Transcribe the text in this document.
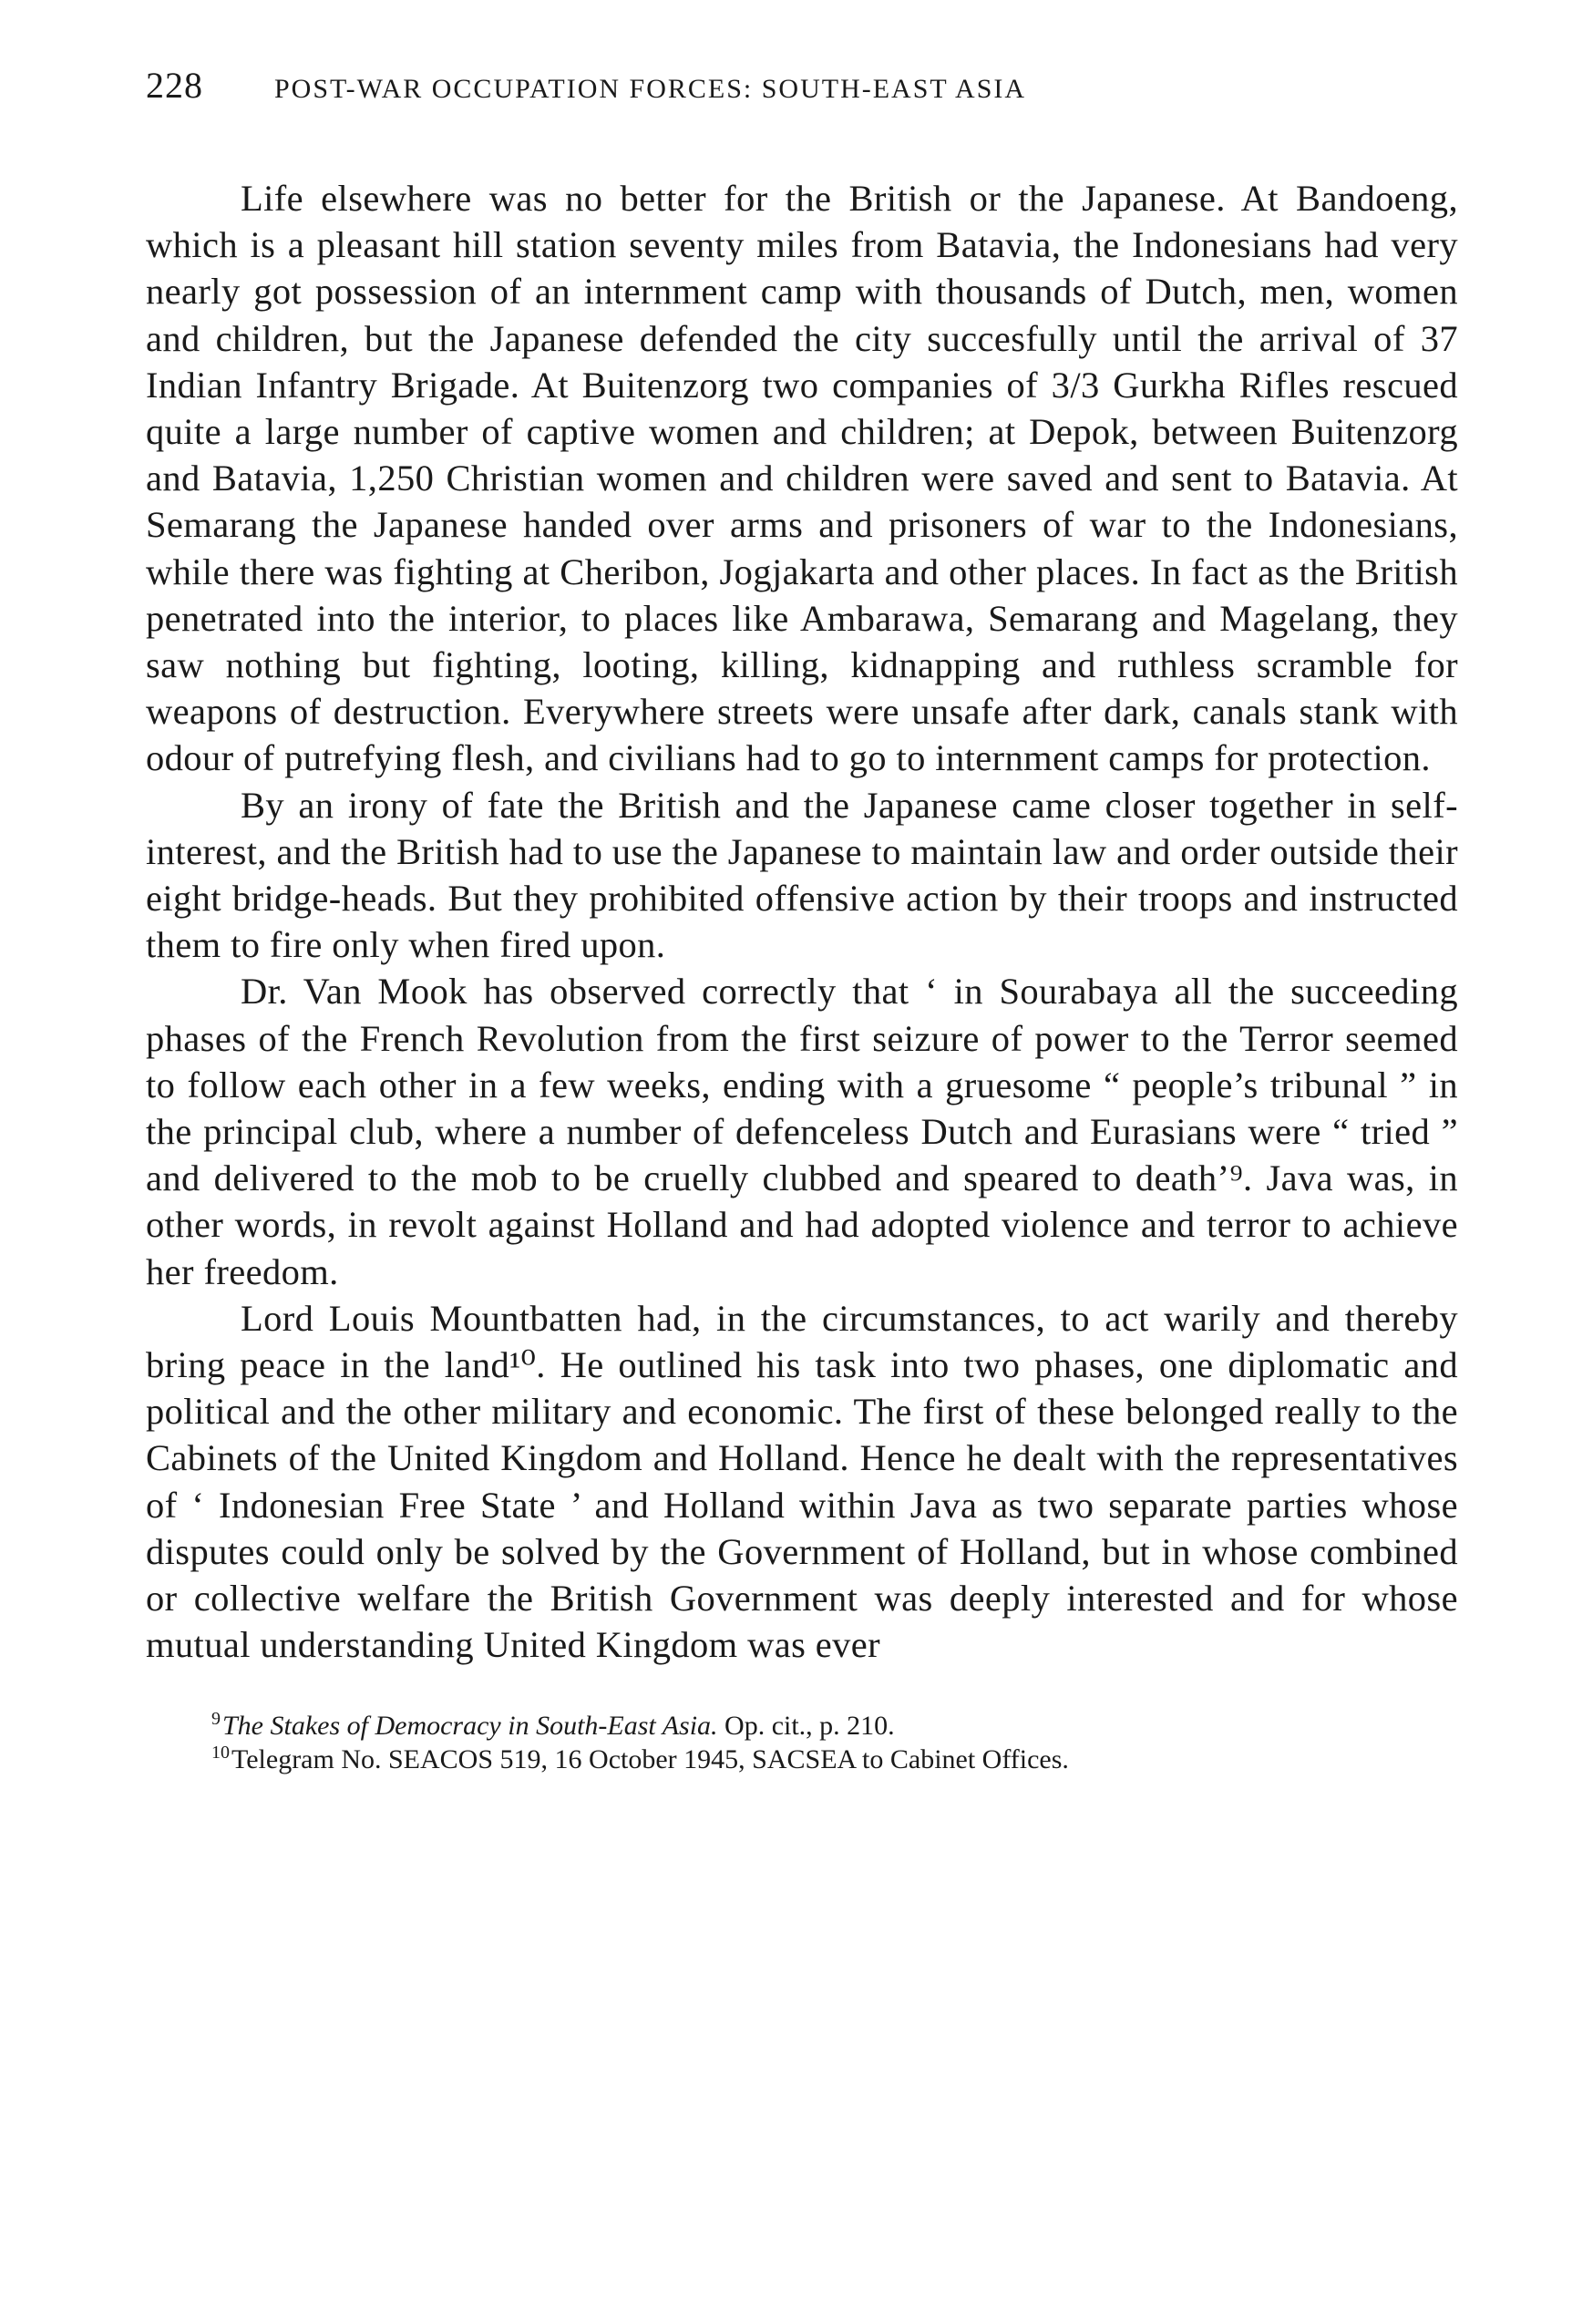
228	POST-WAR OCCUPATION FORCES: SOUTH-EAST ASIA

Life elsewhere was no better for the British or the Japanese. At Bandoeng, which is a pleasant hill station seventy miles from Batavia, the Indonesians had very nearly got possession of an internment camp with thousands of Dutch, men, women and children, but the Japanese defended the city succesfully until the arrival of 37 Indian Infantry Brigade. At Buitenzorg two companies of 3/3 Gurkha Rifles rescued quite a large number of captive women and children; at Depok, between Buitenzorg and Batavia, 1,250 Christian women and children were saved and sent to Batavia. At Semarang the Japanese handed over arms and prisoners of war to the Indonesians, while there was fighting at Cheribon, Jogjakarta and other places. In fact as the British penetrated into the interior, to places like Ambarawa, Semarang and Magelang, they saw nothing but fighting, looting, killing, kidnapping and ruthless scramble for weapons of destruction. Everywhere streets were unsafe after dark, canals stank with odour of putrefying flesh, and civilians had to go to internment camps for protection.

By an irony of fate the British and the Japanese came closer together in self-interest, and the British had to use the Japanese to maintain law and order outside their eight bridge-heads. But they prohibited offensive action by their troops and instructed them to fire only when fired upon.

Dr. Van Mook has observed correctly that ‘ in Sourabaya all the succeeding phases of the French Revolution from the first seizure of power to the Terror seemed to follow each other in a few weeks, ending with a gruesome “ people’s tribunal ” in the principal club, where a number of defenceless Dutch and Eurasians were “ tried ” and delivered to the mob to be cruelly clubbed and speared to death’⁹. Java was, in other words, in revolt against Holland and had adopted violence and terror to achieve her freedom.

Lord Louis Mountbatten had, in the circumstances, to act warily and thereby bring peace in the land¹⁰. He outlined his task into two phases, one diplomatic and political and the other military and economic. The first of these belonged really to the Cabinets of the United Kingdom and Holland. Hence he dealt with the representatives of ‘ Indonesian Free State ’ and Holland within Java as two separate parties whose disputes could only be solved by the Government of Holland, but in whose combined or collective welfare the British Government was deeply interested and for whose mutual understanding United Kingdom was ever

$^9$The Stakes of Democracy in South-East Asia. Op. cit., p. 210.

$^{10}$Telegram No. SEACOS 519, 16 October 1945, SACSEA to Cabinet Offices.
